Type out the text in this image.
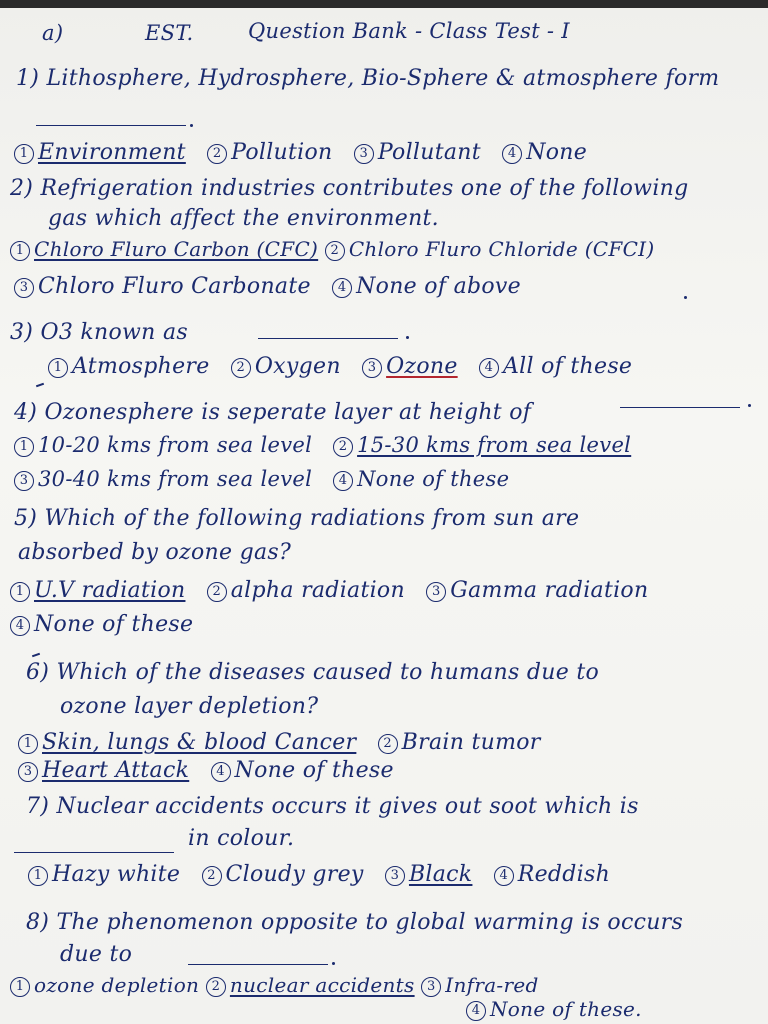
a)	EST.	Question Bank - Class Test - I
1) Lithosphere, Hydrosphere, Bio-Sphere & atmosphere form
1 Environment 2 Pollution 3 Pollutant 4 None
2) Refrigeration industries contributes one of the following
gas which affect the environment.
1 Chloro Fluro Carbon (CFC) 2 Chloro Fluro Chloride (CFCI)
3 Chloro Fluro Carbonate 4 None of above
3) O3 known as
1 Atmosphere 2 Oxygen 3 Ozone 4 All of these
4) Ozonesphere is seperate layer at height of
1 10-20 kms from sea level 2 15-30 kms from sea level
3 30-40 kms from sea level 4 None of these
5) Which of the following radiations from sun are
absorbed by ozone gas?
1 U.V radiation 2 alpha radiation 3 Gamma radiation
4 None of these
6) Which of the diseases caused to humans due to
ozone layer depletion?
1 Skin, lungs & blood Cancer 2 Brain tumor
3 Heart Attack 4 None of these
7) Nuclear accidents occurs it gives out soot which is
in colour.
1 Hazy white 2 Cloudy grey 3 Black 4 Reddish
8) The phenomenon opposite to global warming is occurs
due to
1 ozone depletion 2 nuclear accidents 3 Infra-red
4 None of these.
